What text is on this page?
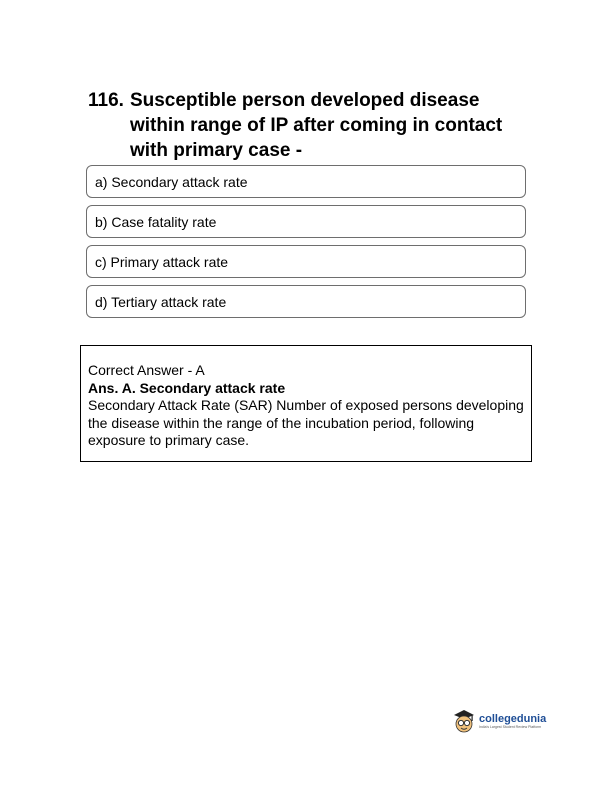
116. Susceptible person developed disease within range of IP after coming in contact with primary case -
a) Secondary attack rate
b) Case fatality rate
c) Primary attack rate
d) Tertiary attack rate
Correct Answer - A
Ans. A. Secondary attack rate
Secondary Attack Rate (SAR) Number of exposed persons developing the disease within the range of the incubation period, following exposure to primary case.
collegedunia
India's Largest Student Review Platform
